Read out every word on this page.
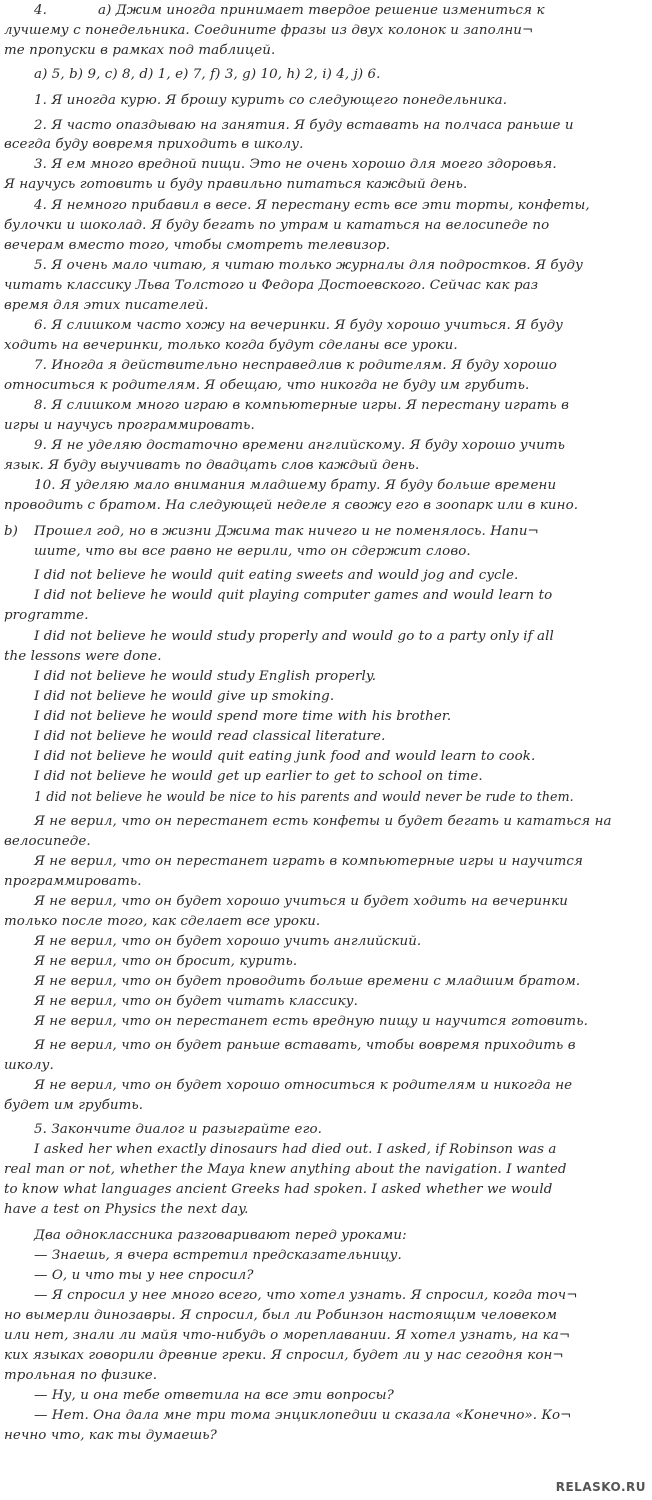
4.	a) Джим иногда принимает твердое решение измениться к
лучшему с понедельника. Соедините фразы из двух колонок и заполни¬
те пропуски в рамках под таблицей.
a) 5, b) 9, c) 8, d) 1, e) 7, f) 3, g) 10, h) 2, i) 4, j) 6.
1. Я иногда курю. Я брошу курить со следующего понедельника.
2. Я часто опаздываю на занятия. Я буду вставать на полчаса раньше и
всегда буду вовремя приходить в школу.
3. Я ем много вредной пищи. Это не очень хорошо для моего здоровья.
Я научусь готовить и буду правильно питаться каждый день.
4. Я немного прибавил в весе. Я перестану есть все эти торты, конфеты,
булочки и шоколад. Я буду бегать по утрам и кататься на велосипеде по
вечерам вместо того, чтобы смотреть телевизор.
5. Я очень мало читаю, я читаю только журналы для подростков. Я буду
читать классику Льва Толстого и Федора Достоевского. Сейчас как раз
время для этих писателей.
6. Я слишком часто хожу на вечеринки. Я буду хорошо учиться. Я буду
ходить на вечеринки, только когда будут сделаны все уроки.
7. Иногда я действительно несправедлив к родителям. Я буду хорошо
относиться к родителям. Я обещаю, что никогда не буду им грубить.
8. Я слишком много играю в компьютерные игры. Я перестану играть в
игры и научусь программировать.
9. Я не уделяю достаточно времени английскому. Я буду хорошо учить
язык. Я буду выучивать по двадцать слов каждый день.
10. Я уделяю мало внимания младшему брату. Я буду больше времени
проводить с братом. На следующей неделе я свожу его в зоопарк или в кино.
b) Прошел год, но в жизни Джима так ничего и не поменялось. Напи¬
шите, что вы все равно не верили, что он сдержит слово.
I did not believe he would quit eating sweets and would jog and cycle.
I did not believe he would quit playing computer games and would learn to
programme.
I did not believe he would study properly and would go to a party only if all
the lessons were done.
I did not believe he would study English properly.
I did not believe he would give up smoking.
I did not believe he would spend more time with his brother.
I did not believe he would read classical literature.
I did not believe he would quit eating junk food and would learn to cook.
I did not believe he would get up earlier to get to school on time.
1 did not believe he would be nice to his parents and would never be rude to them.
Я не верил, что он перестанет есть конфеты и будет бегать и кататься на
велосипеде.
Я не верил, что он перестанет играть в компьютерные игры и научится
программировать.
Я не верил, что он будет хорошо учиться и будет ходить на вечеринки
только после того, как сделает все уроки.
Я не верил, что он будет хорошо учить английский.
Я не верил, что он бросит, курить.
Я не верил, что он будет проводить больше времени с младшим братом.
Я не верил, что он будет читать классику.
Я не верил, что он перестанет есть вредную пищу и научится готовить.
Я не верил, что он будет раньше вставать, чтобы вовремя приходить в
школу.
Я не верил, что он будет хорошо относиться к родителям и никогда не
будет им грубить.
5. Закончите диалог и разыграйте его.
I asked her when exactly dinosaurs had died out. I asked, if Robinson was a
real man or not, whether the Maya knew anything about the navigation. I wanted
to know what languages ancient Greeks had spoken. I asked whether we would
have a test on Physics the next day.
Два одноклассника разговаривают перед уроками:
— Знаешь, я вчера встретил предсказательницу.
— О, и что ты у нее спросил?
— Я спросил у нее много всего, что хотел узнать. Я спросил, когда точ¬
но вымерли динозавры. Я спросил, был ли Робинзон настоящим человеком
или нет, знали ли майя что-нибудь о мореплавании. Я хотел узнать, на ка¬
ких языках говорили древние греки. Я спросил, будет ли у нас сегодня кон¬
трольная по физике.
— Ну, и она тебе ответила на все эти вопросы?
— Нет. Она дала мне три тома энциклопедии и сказала «Конечно». Ко¬
нечно что, как ты думаешь?
RELASKO.RU
